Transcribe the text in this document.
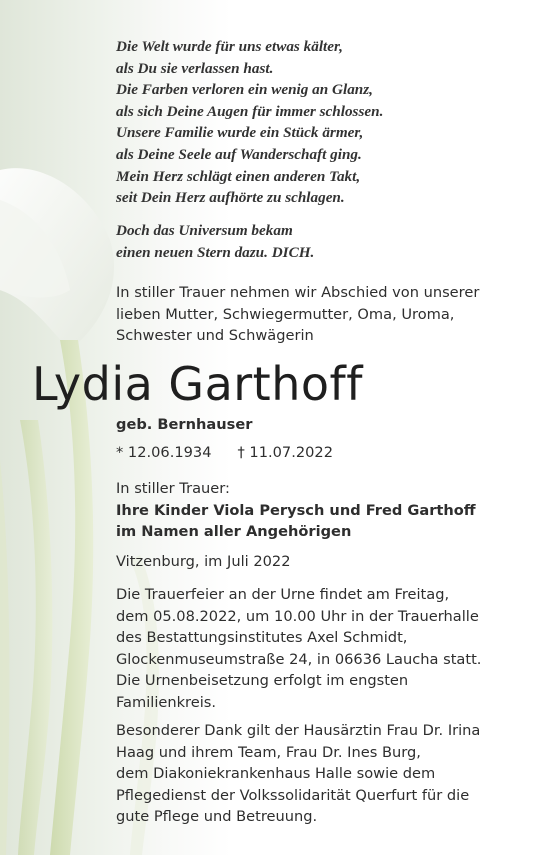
Die Welt wurde für uns etwas kälter,
als Du sie verlassen hast.
Die Farben verloren ein wenig an Glanz,
als sich Deine Augen für immer schlossen.
Unsere Familie wurde ein Stück ärmer,
als Deine Seele auf Wanderschaft ging.
Mein Herz schlägt einen anderen Takt,
seit Dein Herz aufhörte zu schlagen.
Doch das Universum bekam
einen neuen Stern dazu. DICH.
In stiller Trauer nehmen wir Abschied von unserer
lieben Mutter, Schwiegermutter, Oma, Uroma,
Schwester und Schwägerin
Lydia Garthoff
geb. Bernhauser
* 12.06.1934 † 11.07.2022
In stiller Trauer:
Ihre Kinder Viola Perysch und Fred Garthoff
im Namen aller Angehörigen
Vitzenburg, im Juli 2022
Die Trauerfeier an der Urne findet am Freitag,
dem 05.08.2022, um 10.00 Uhr in der Trauerhalle
des Bestattungsinstitutes Axel Schmidt,
Glockenmuseumstraße 24, in 06636 Laucha statt.
Die Urnenbeisetzung erfolgt im engsten
Familienkreis.
Besonderer Dank gilt der Hausärztin Frau Dr. Irina
Haag und ihrem Team, Frau Dr. Ines Burg,
dem Diakoniekrankenhaus Halle sowie dem
Pflegedienst der Volkssolidarität Querfurt für die
gute Pflege und Betreuung.
